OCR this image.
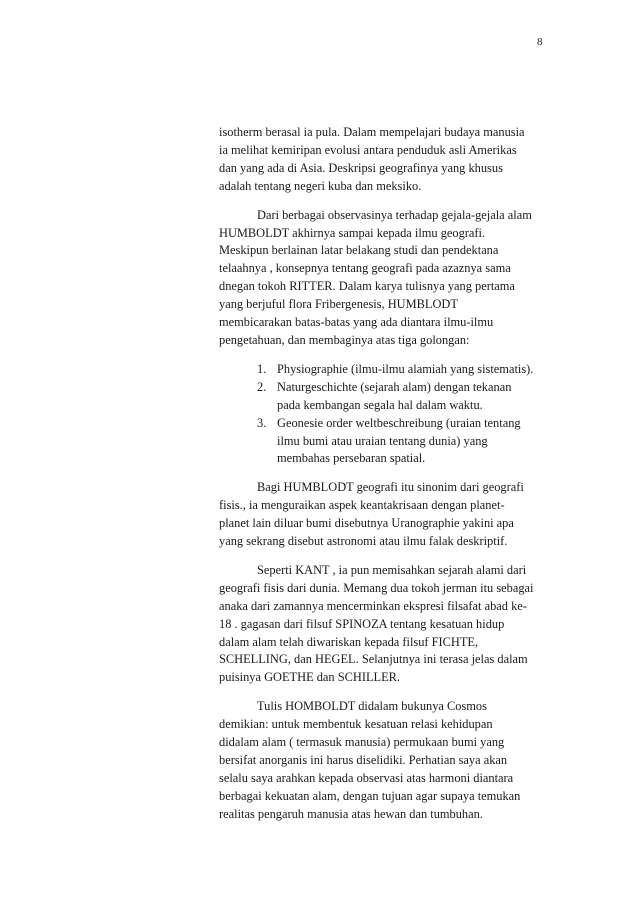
8
isotherm berasal ia pula. Dalam mempelajari budaya manusia
ia melihat kemiripan evolusi antara penduduk asli Amerikas
dan yang ada di Asia. Deskripsi geografinya yang khusus
adalah tentang negeri kuba dan meksiko.
Dari berbagai observasinya terhadap gejala-gejala alam
HUMBOLDT akhirnya sampai kepada ilmu geografi.
Meskipun berlainan latar belakang studi dan pendektana
telaahnya , konsepnya tentang geografi pada azaznya sama
dnegan tokoh RITTER. Dalam karya tulisnya yang pertama
yang berjuful flora Fribergenesis, HUMBLODT
membicarakan batas-batas yang ada diantara ilmu-ilmu
pengetahuan, dan membaginya atas tiga golongan:
1. Physiographie (ilmu-ilmu alamiah yang sistematis).
2. Naturgeschichte (sejarah alam) dengan tekanan
pada kembangan segala hal dalam waktu.
3. Geonesie order weltbeschreibung (uraian tentang
ilmu bumi atau uraian tentang dunia) yang
membahas persebaran spatial.
Bagi HUMBLODT geografi itu sinonim dari geografi
fisis., ia menguraikan aspek keantakrisaan dengan planet-
planet lain diluar bumi disebutnya Uranographie yakini apa
yang sekrang disebut astronomi atau ilmu falak deskriptif.
Seperti KANT , ia pun memisahkan sejarah alami dari
geografi fisis dari dunia. Memang dua tokoh jerman itu sebagai
anaka dari zamannya mencerminkan ekspresi filsafat abad ke-
18 . gagasan dari filsuf SPINOZA tentang kesatuan hidup
dalam alam telah diwariskan kepada filsuf FICHTE,
SCHELLING, dan HEGEL. Selanjutnya ini terasa jelas dalam
puisinya GOETHE dan SCHILLER.
Tulis HOMBOLDT didalam bukunya Cosmos
demikian: untuk membentuk kesatuan relasi kehidupan
didalam alam ( termasuk manusia) permukaan bumi yang
bersifat anorganis ini harus diselidiki. Perhatian saya akan
selalu saya arahkan kepada observasi atas harmoni diantara
berbagai kekuatan alam, dengan tujuan agar supaya temukan
realitas pengaruh manusia atas hewan dan tumbuhan.
